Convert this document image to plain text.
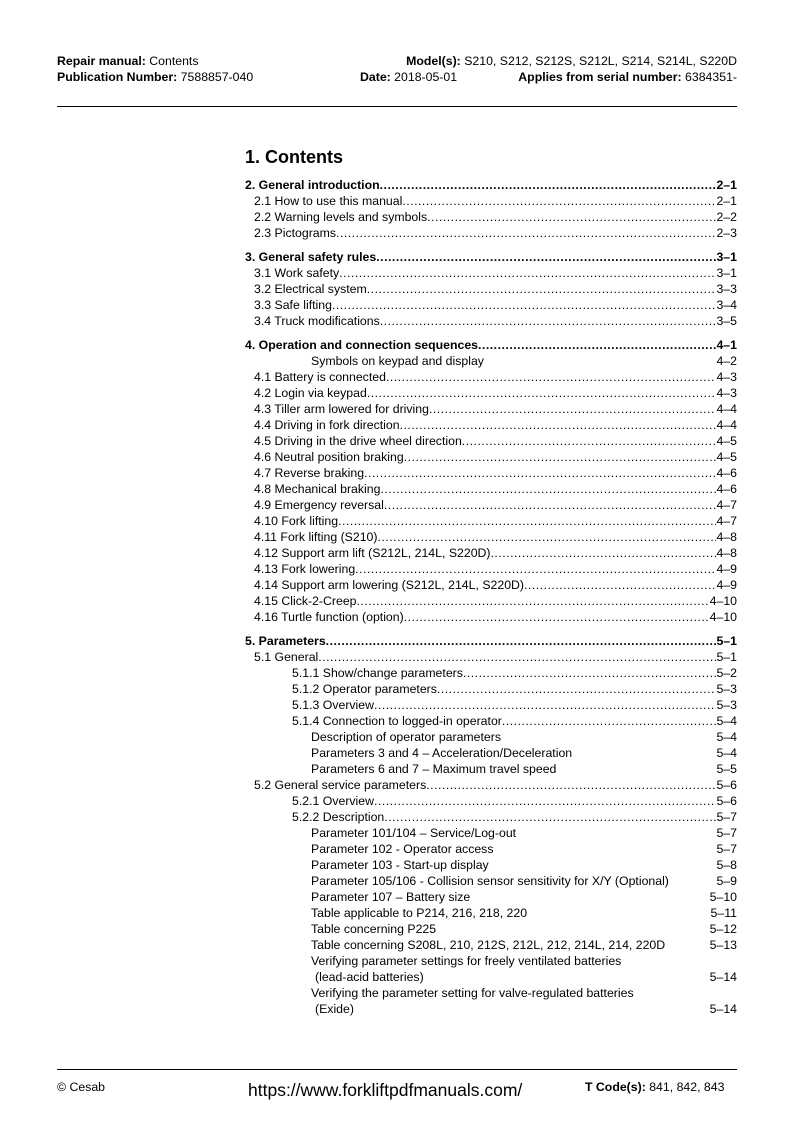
Repair manual: Contents
Publication Number: 7588857-040
Model(s): S210, S212, S212S, S212L, S214, S214L, S220D
Date: 2018-05-01	Applies from serial number: 6384351-
1. Contents
2. General introduction .....	2–1
2.1 How to use this manual .....	2–1
2.2 Warning levels and symbols .....	2–2
2.3 Pictograms .....	2–3
3. General safety rules .....	3–1
3.1 Work safety .....	3–1
3.2 Electrical system .....	3–3
3.3 Safe lifting .....	3–4
3.4 Truck modifications .....	3–5
4. Operation and connection sequences .....	4–1
Symbols on keypad and display	4–2
4.1 Battery is connected .....	4–3
4.2 Login via keypad .....	4–3
4.3 Tiller arm lowered for driving .....	4–4
4.4 Driving in fork direction .....	4–4
4.5 Driving in the drive wheel direction .....	4–5
4.6 Neutral position braking .....	4–5
4.7 Reverse braking .....	4–6
4.8 Mechanical braking .....	4–6
4.9 Emergency reversal .....	4–7
4.10 Fork lifting .....	4–7
4.11 Fork lifting (S210) .....	4–8
4.12 Support arm lift (S212L, 214L, S220D) .....	4–8
4.13 Fork lowering .....	4–9
4.14 Support arm lowering (S212L, 214L, S220D) .....	4–9
4.15 Click-2-Creep .....	4–10
4.16 Turtle function (option) .....	4–10
5. Parameters .....	5–1
5.1 General .....	5–1
5.1.1 Show/change parameters .....	5–2
5.1.2 Operator parameters .....	5–3
5.1.3 Overview .....	5–3
5.1.4 Connection to logged-in operator .....	5–4
Description of operator parameters	5–4
Parameters 3 and 4 – Acceleration/Deceleration	5–4
Parameters 6 and 7 – Maximum travel speed	5–5
5.2 General service parameters .....	5–6
5.2.1 Overview .....	5–6
5.2.2 Description .....	5–7
Parameter 101/104 – Service/Log-out	5–7
Parameter 102 - Operator access	5–7
Parameter 103 - Start-up display	5–8
Parameter 105/106 - Collision sensor sensitivity for X/Y (Optional)	5–9
Parameter 107 – Battery size	5–10
Table applicable to P214, 216, 218, 220	5–11
Table concerning P225	5–12
Table concerning S208L, 210, 212S, 212L, 212, 214L, 214, 220D	5–13
Verifying parameter settings for freely ventilated batteries
(lead-acid batteries)	5–14
Verifying the parameter setting for valve-regulated batteries
(Exide)	5–14
© Cesab	https://www.forkliftpdfmanuals.com/	T Code(s): 841, 842, 843
